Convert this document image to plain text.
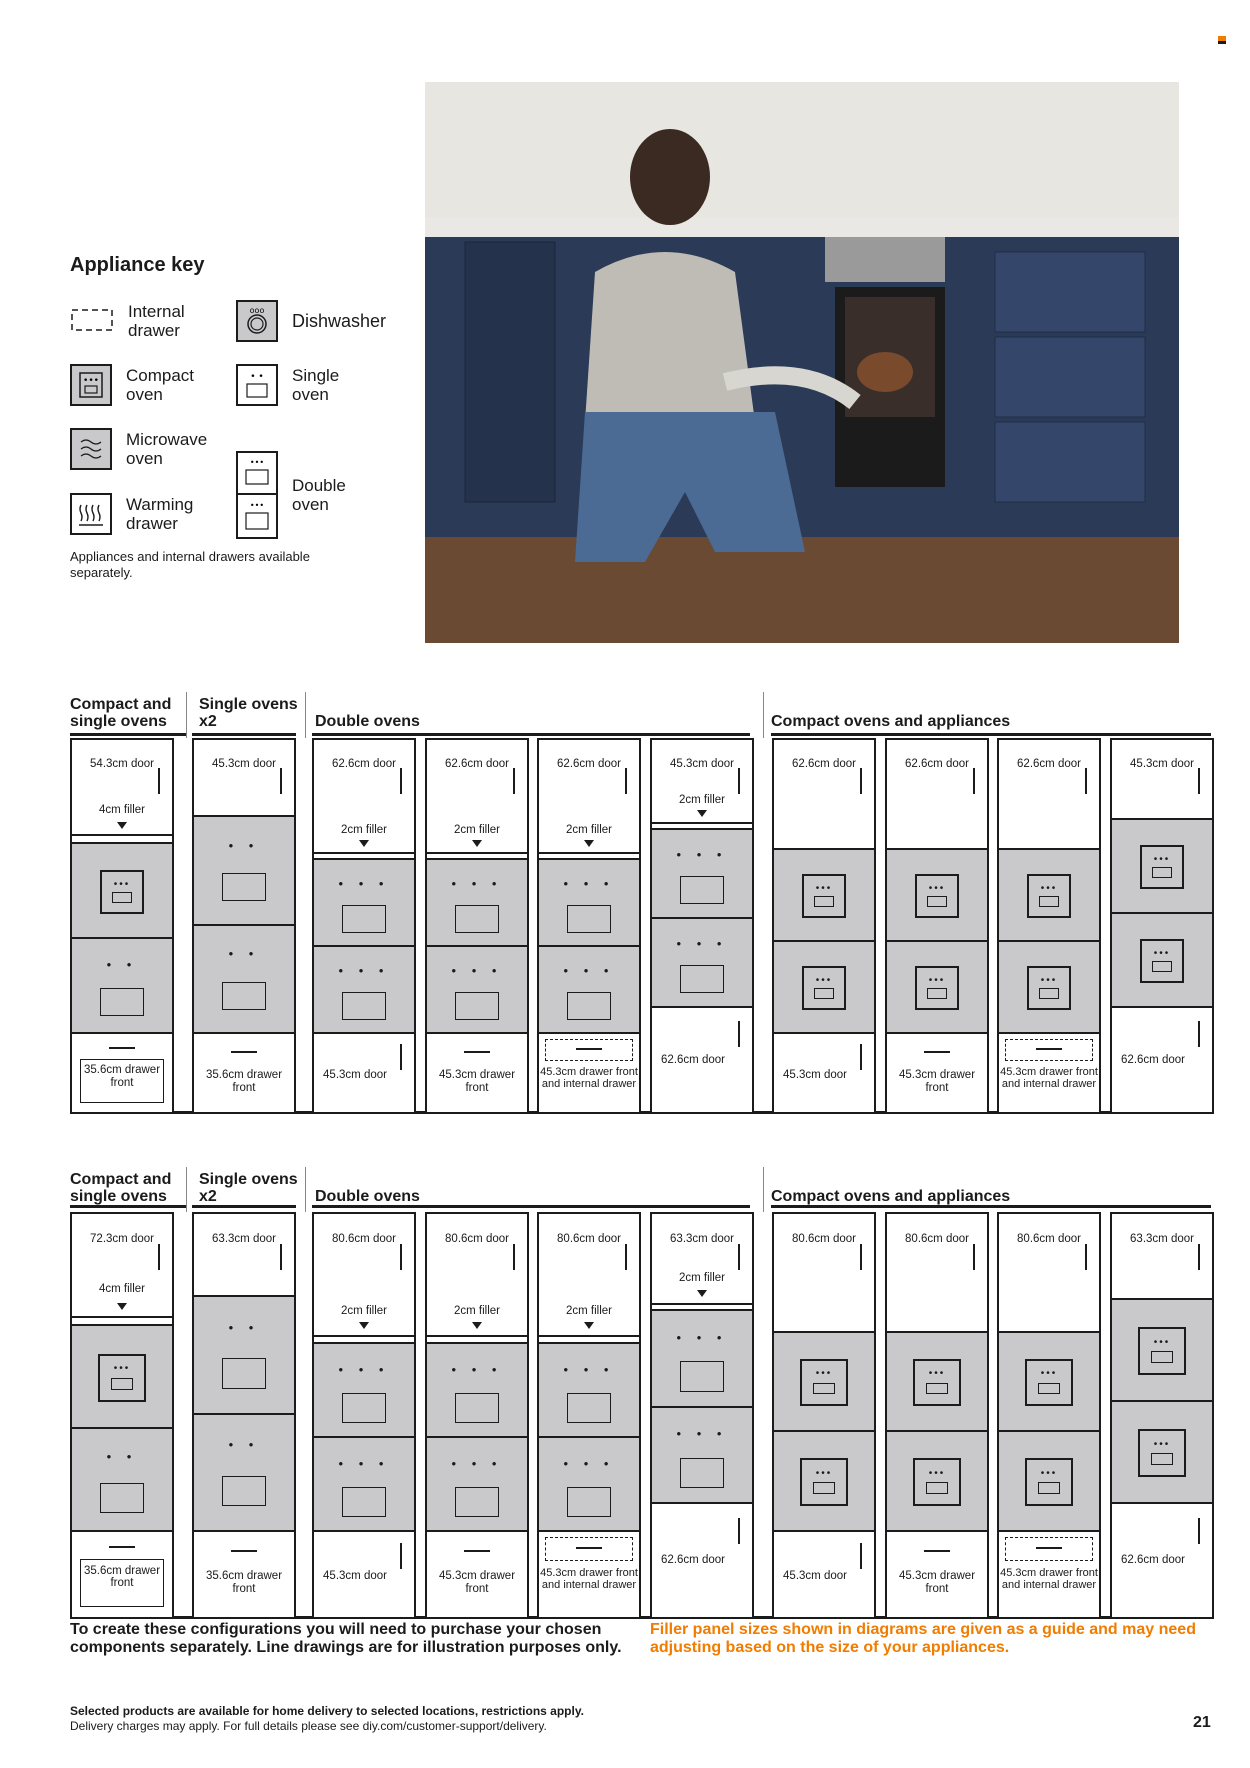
Appliance key
Internal
drawer
ooo Dishwasher
••• Compact
oven
• • Single
oven
Microwave
oven	•••
•••
Double
oven
Warming
drawer
Appliances and internal drawers available separately.
Compact and single ovens
Single ovens x2	Double ovens	Compact ovens and appliances
54.3cm door
4cm filler
•••
• •
35.6cm drawer front
45.3cm door
• •
• •
35.6cm drawer front
62.6cm door
2cm filler
• • •
• • •
45.3cm door
62.6cm door
2cm filler
• • •
• • •
45.3cm drawer front
62.6cm door
2cm filler
• • •
• • •
45.3cm drawer front and internal drawer
45.3cm door
2cm filler
• • •
• • •
62.6cm door
62.6cm door
•••
•••
45.3cm door
62.6cm door
•••
•••
45.3cm drawer front
62.6cm door
•••
•••
45.3cm drawer front and internal drawer
45.3cm door
•••
•••
62.6cm door
Compact and single ovens
Single ovens x2	Double ovens	Compact ovens and appliances
72.3cm door
4cm filler
•••
• •
35.6cm drawer front
63.3cm door
• •
• •
35.6cm drawer front
80.6cm door
2cm filler
• • •
• • •
45.3cm door
80.6cm door
2cm filler
• • •
• • •
45.3cm drawer front
80.6cm door
2cm filler
• • •
• • •
45.3cm drawer front and internal drawer
63.3cm door
2cm filler
• • •
• • •
62.6cm door
80.6cm door
•••
•••
45.3cm door
80.6cm door
•••
•••
45.3cm drawer front
80.6cm door
•••
•••
45.3cm drawer front and internal drawer
63.3cm door
•••
•••
62.6cm door
To create these configurations you will need to purchase your chosen components separately. Line drawings are for illustration purposes only.
Filler panel sizes shown in diagrams are given as a guide and may need adjusting based on the size of your appliances.
Selected products are available for home delivery to selected locations, restrictions apply.
Delivery charges may apply. For full details please see diy.com/customer-support/delivery.	21
